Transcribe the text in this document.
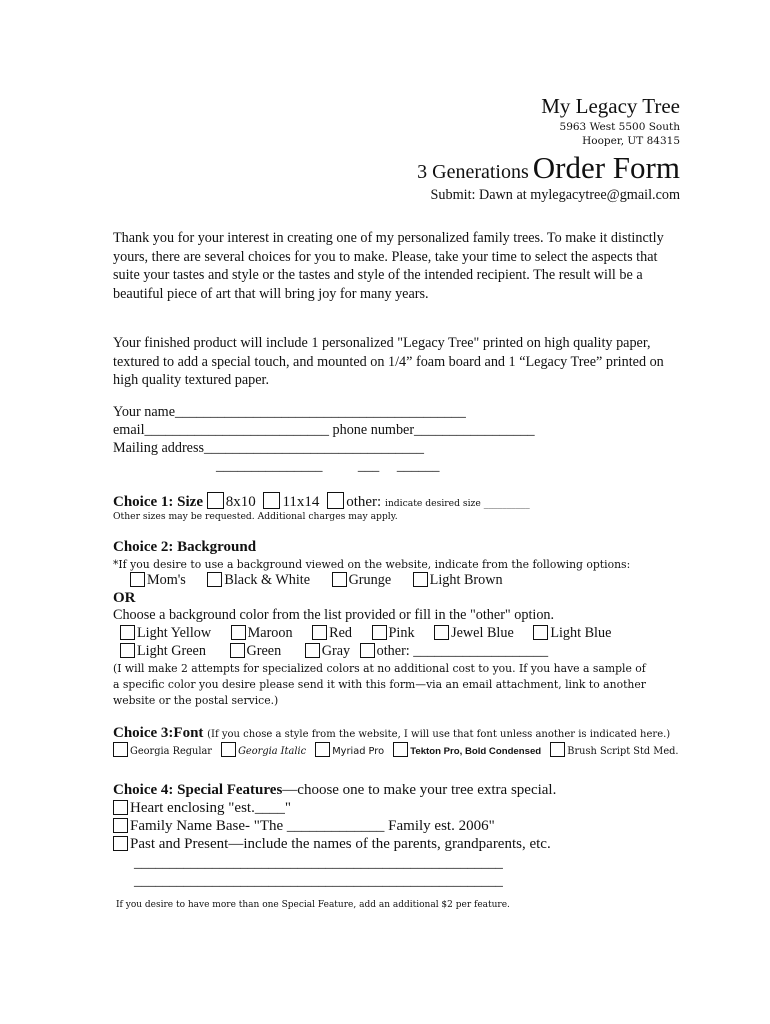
My Legacy Tree
5963 West 5500 South
Hooper, UT 84315
3 Generations Order Form
Submit: Dawn at mylegacytree@gmail.com
Thank you for your interest in creating one of my personalized family trees. To make it distinctly yours, there are several choices for you to make. Please, take your time to select the aspects that suite your tastes and style or the tastes and style of the intended recipient. The result will be a beautiful piece of art that will bring joy for many years.
Your finished product will include 1 personalized "Legacy Tree" printed on high quality paper, textured to add a special touch, and mounted on 1/4” foam board and 1 “Legacy Tree” printed on high quality textured paper.
Your name_________________________________________
email__________________________ phone number_________________
Mailing address_______________________________
_______________          ___     ______
Choice 1: Size 8x10 11x14 other: indicate desired size __________
Other sizes may be requested. Additional charges may apply.
Choice 2: Background
*If you desire to use a background viewed on the website, indicate from the following options:
Mom's	Black & White	Grunge	Light Brown
OR
Choose a background color from the list provided or fill in the "other" option.
Light Yellow	Maroon	Red	Pink	Jewel Blue	Light Blue
Light Green	Green	Gray other: ___________________
(I will make 2 attempts for specialized colors at no additional cost to you. If you have a sample of a specific color you desire please send it with this form—via an email attachment, link to another website or the postal service.)
Choice 3:Font (If you chose a style from the website, I will use that font unless another is indicated here.)
Georgia Regular	Georgia Italic	Myriad Pro	Tekton Pro, Bold Condensed	Brush Script Std Med.
Choice 4: Special Features—choose one to make your tree extra special.
Heart enclosing "est.____"
Family Name Base- "The _____________ Family est. 2006"
Past and Present—include the names of the parents, grandparents, etc.
____________________________________________________
____________________________________________________
If you desire to have more than one Special Feature, add an additional $2 per feature.
